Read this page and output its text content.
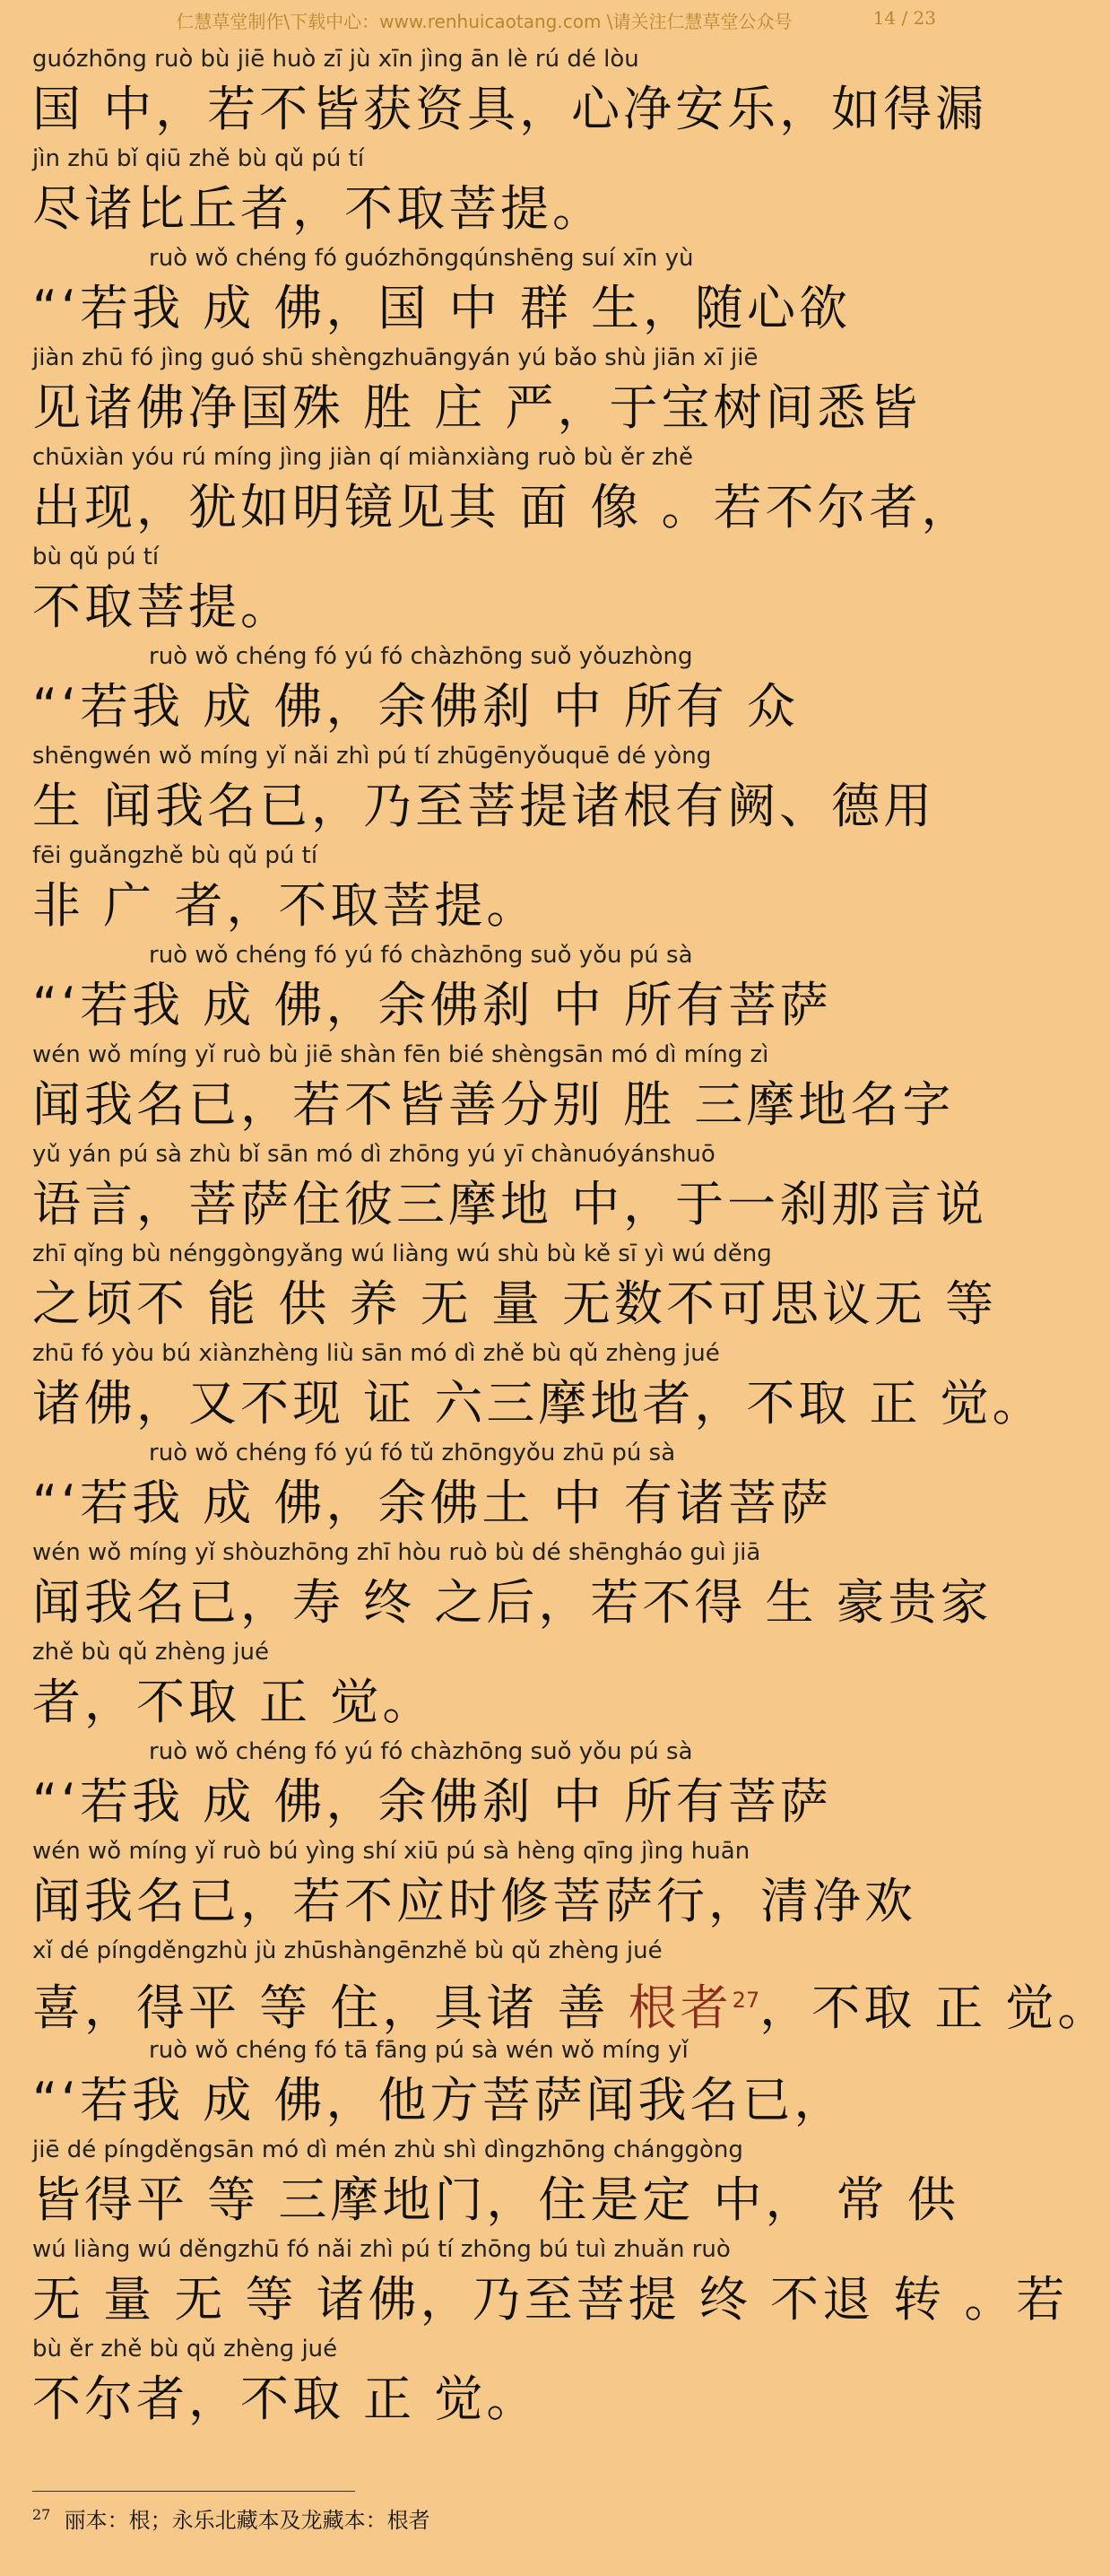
仁慧草堂制作\下载中心：www.renhuicaotang.com \请关注仁慧草堂公众号	14 / 23
guózhōng ruò bù jiē huò zī jù xīn jìng ān lè rú dé lòu
国 中，若不皆获资具，心净安乐，如得漏
jìn zhū bǐ qiū zhě bù qǔ pú tí
尽诸比丘者，不取菩提。
ruò wǒ chéng fó guózhōngqúnshēng suí xīn yù
“‘若我 成 佛，国 中 群 生，随心欲
jiàn zhū fó jìng guó shū shèngzhuāngyán yú bǎo shù jiān xī jiē
见诸佛净国殊 胜 庄 严，于宝树间悉皆
chūxiàn yóu rú míng jìng jiàn qí miànxiàng ruò bù ěr zhě
出现，犹如明镜见其 面 像 。若不尔者，
bù qǔ pú tí
不取菩提。
ruò wǒ chéng fó yú fó chàzhōng suǒ yǒuzhòng
“‘若我 成 佛，余佛刹 中 所有 众
shēngwén wǒ míng yǐ nǎi zhì pú tí zhūgēnyǒuquē dé yòng
生 闻我名已，乃至菩提诸根有阙、德用
fēi guǎngzhě bù qǔ pú tí
非 广 者，不取菩提。
ruò wǒ chéng fó yú fó chàzhōng suǒ yǒu pú sà
“‘若我 成 佛，余佛刹 中 所有菩萨
wén wǒ míng yǐ ruò bù jiē shàn fēn bié shèngsān mó dì míng zì
闻我名已，若不皆善分别 胜 三摩地名字
yǔ yán pú sà zhù bǐ sān mó dì zhōng yú yī chànuóyánshuō
语言，菩萨住彼三摩地 中，于一刹那言说
zhī qǐng bù néngɡònɡyǎnɡ wú liàng wú shù bù kě sī yì wú děnɡ
之顷不 能 供 养 无 量 无数不可思议无 等
zhū fó yòu bú xiànzhèng liù sān mó dì zhě bù qǔ zhènɡ jué
诸佛，又不现 证 六三摩地者，不取 正 觉。
ruò wǒ chéng fó yú fó tǔ zhōngyǒu zhū pú sà
“‘若我 成 佛，余佛土 中 有诸菩萨
wén wǒ míng yǐ shòuzhōng zhī hòu ruò bù dé shēngháo guì jiā
闻我名已，寿 终 之后，若不得 生 豪贵家
zhě bù qǔ zhènɡ jué
者，不取 正 觉。
ruò wǒ chéng fó yú fó chàzhōng suǒ yǒu pú sà
“‘若我 成 佛，余佛刹 中 所有菩萨
wén wǒ míng yǐ ruò bú yìng shí xiū pú sà hèng qīng jìng huān
闻我名已，若不应时修菩萨行，清净欢
xǐ dé píngděngzhù jù zhūshàngēnzhě bù qǔ zhènɡ jué
喜，得平 等 住，具诸 善 根者$^{27}$，不取 正 觉。
ruò wǒ chéng fó tā fāng pú sà wén wǒ míng yǐ
“‘若我 成 佛，他方菩萨闻我名已，
jiē dé píngděngsān mó dì mén zhù shì dìngzhōng chánggòng
皆得平 等 三摩地门，住是定 中， 常 供
wú liàng wú děngzhū fó nǎi zhì pú tí zhōng bú tuì zhuǎn ruò
无 量 无 等 诸佛，乃至菩提 终 不退 转 。若
bù ěr zhě bù qǔ zhènɡ jué
不尔者，不取 正 觉。
$^{27}$ 丽本：根；永乐北藏本及龙藏本：根者
